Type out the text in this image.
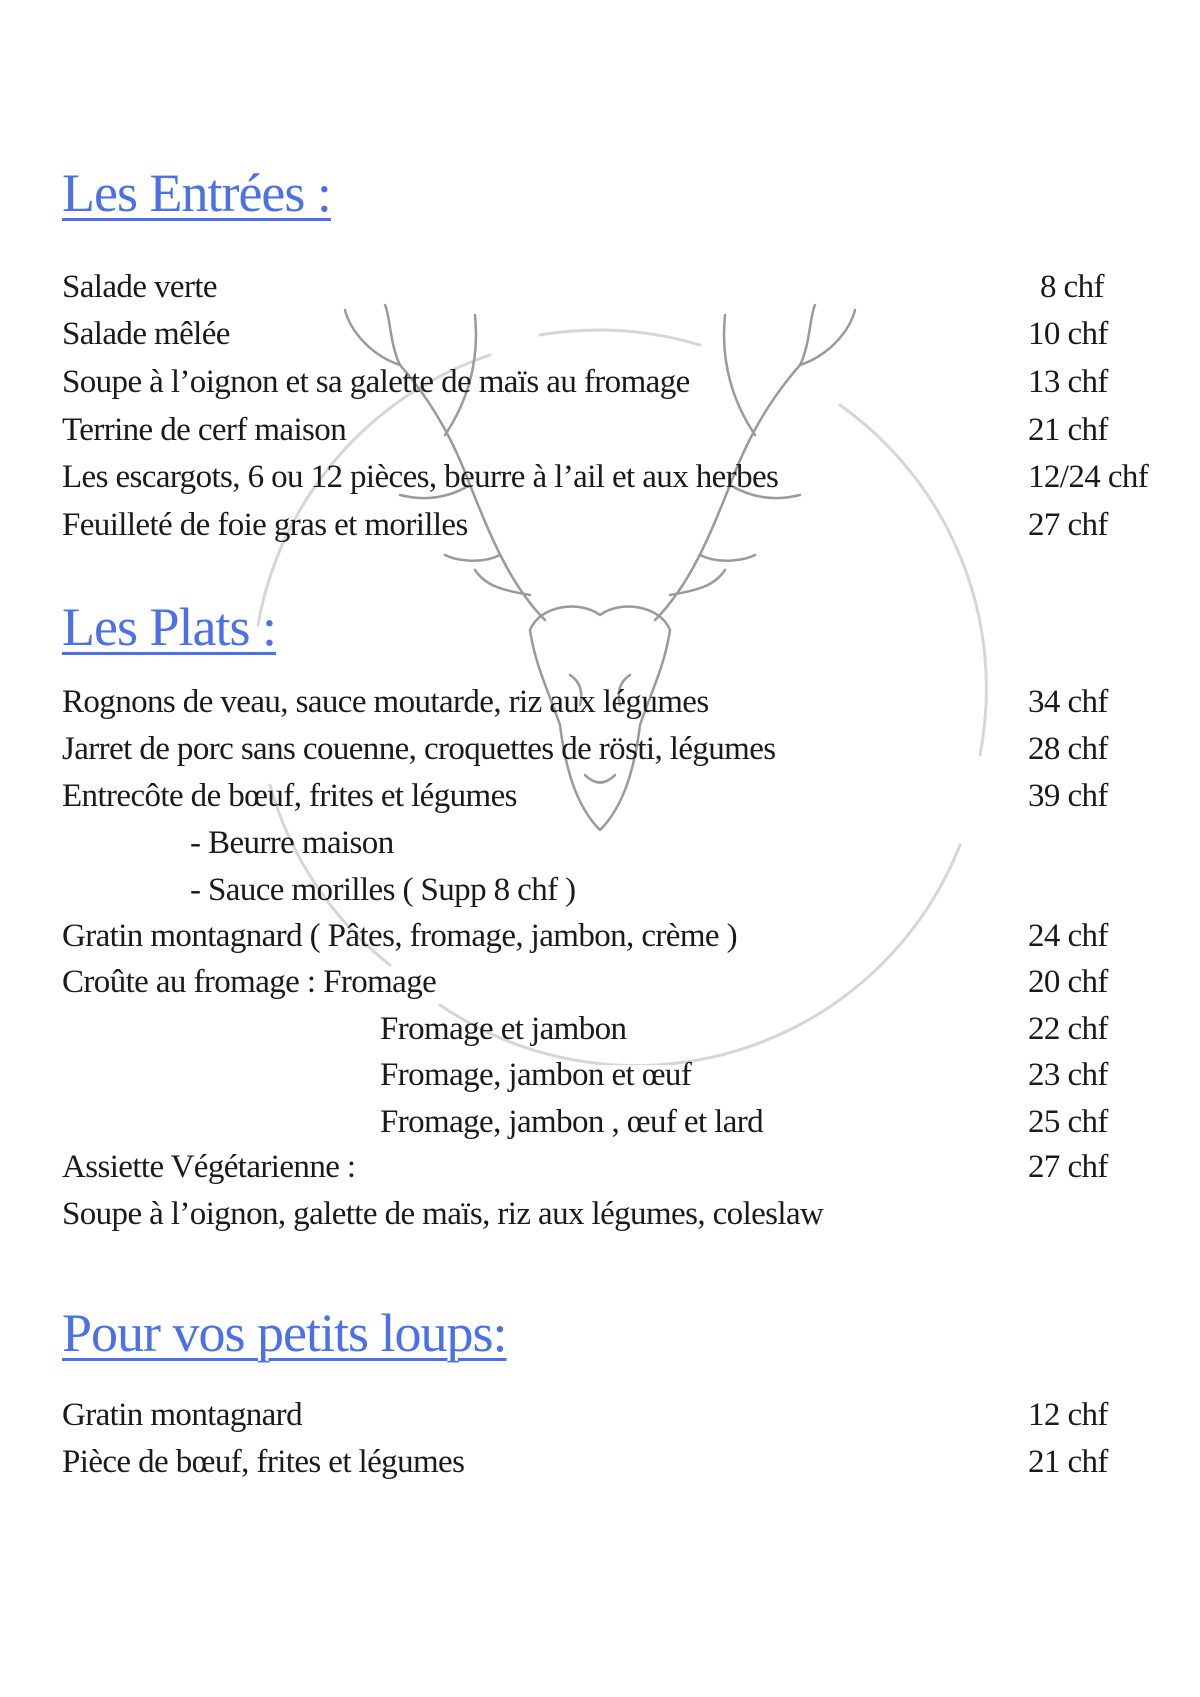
Les Entrées :
Salade verte	8 chf
Salade mêlée	10 chf
Soupe à l’oignon et sa galette de maïs au fromage	13 chf
Terrine de cerf maison	21 chf
Les escargots, 6 ou 12 pièces, beurre à l’ail et aux herbes	12/24 chf
Feuilleté de foie gras et morilles	27 chf
Les Plats :
Rognons de veau, sauce moutarde, riz aux légumes	34 chf
Jarret de porc sans couenne, croquettes de rösti, légumes	28 chf
Entrecôte de bœuf, frites et légumes	39 chf
- Beurre maison
- Sauce morilles ( Supp 8 chf )
Gratin montagnard ( Pâtes, fromage, jambon, crème )	24 chf
Croûte au fromage : Fromage	20 chf
Fromage et jambon	22 chf
Fromage, jambon et œuf	23 chf
Fromage, jambon , œuf et lard	25 chf
Assiette Végétarienne :	27 chf
Soupe à l’oignon, galette de maïs, riz aux légumes, coleslaw
Pour vos petits loups:
Gratin montagnard	12 chf
Pièce de bœuf, frites et légumes	21 chf
